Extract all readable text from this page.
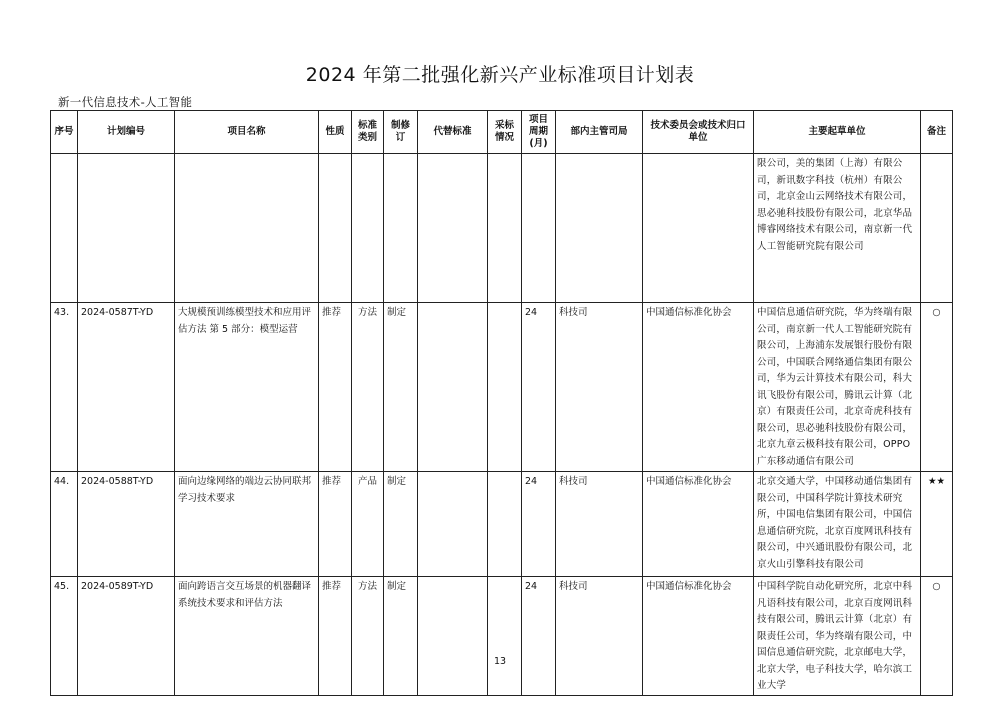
2024 年第二批强化新兴产业标准项目计划表
新一代信息技术-人工智能
序号	计划编号	项目名称	性质	标准类别	制修订	代替标准	采标情况	项目周期(月)	部内主管司局	技术委员会或技术归口单位	主要起草单位	备注
											限公司，美的集团（上海）有限公司，新讯数字科技（杭州）有限公司，北京金山云网络技术有限公司，思必驰科技股份有限公司，北京华品博睿网络技术有限公司，南京新一代人工智能研究院有限公司	
43.	2024-0587T-YD	大规模预训练模型技术和应用评估方法 第 5 部分：模型运营	推荐	方法	制定			24	科技司	中国通信标准化协会	中国信息通信研究院，华为终端有限公司，南京新一代人工智能研究院有限公司，上海浦东发展银行股份有限公司，中国联合网络通信集团有限公司，华为云计算技术有限公司，科大讯飞股份有限公司，腾讯云计算（北京）有限责任公司，北京奇虎科技有限公司，思必驰科技股份有限公司，北京九章云极科技有限公司，OPPO 广东移动通信有限公司	○
44.	2024-0588T-YD	面向边缘网络的端边云协同联邦学习技术要求	推荐	产品	制定			24	科技司	中国通信标准化协会	北京交通大学，中国移动通信集团有限公司，中国科学院计算技术研究所，中国电信集团有限公司，中国信息通信研究院，北京百度网讯科技有限公司，中兴通讯股份有限公司，北京火山引擎科技有限公司	★★
45.	2024-0589T-YD	面向跨语言交互场景的机器翻译系统技术要求和评估方法	推荐	方法	制定			24	科技司	中国通信标准化协会	中国科学院自动化研究所，北京中科凡语科技有限公司，北京百度网讯科技有限公司，腾讯云计算（北京）有限责任公司，华为终端有限公司，中国信息通信研究院，北京邮电大学，北京大学，电子科技大学，哈尔滨工业大学	○
13
